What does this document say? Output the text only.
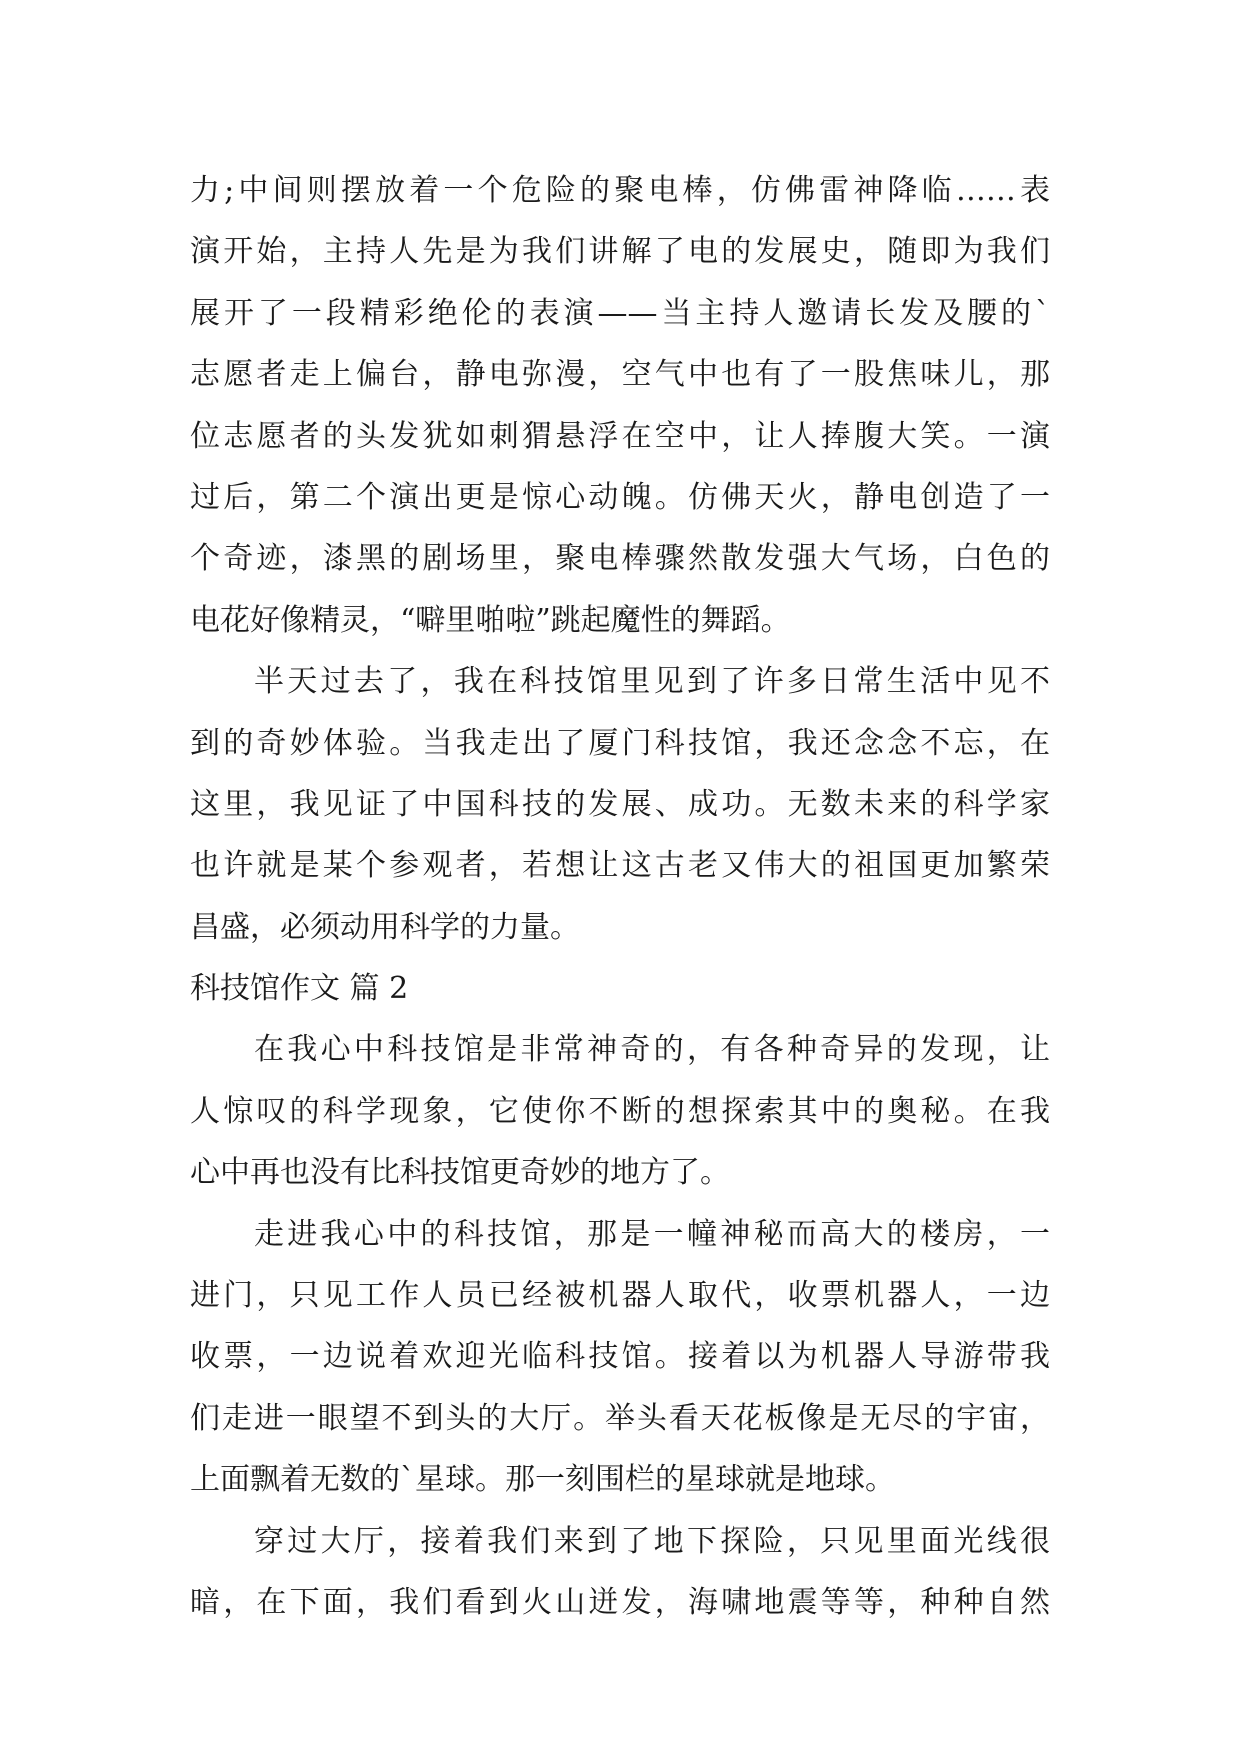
力;中间则摆放着一个危险的聚电棒，仿佛雷神降临……表
演开始，主持人先是为我们讲解了电的发展史，随即为我们
展开了一段精彩绝伦的表演——当主持人邀请长发及腰的`
志愿者走上偏台，静电弥漫，空气中也有了一股焦味儿，那
位志愿者的头发犹如刺猬悬浮在空中，让人捧腹大笑。一演
过后，第二个演出更是惊心动魄。仿佛天火，静电创造了一
个奇迹，漆黑的剧场里，聚电棒骤然散发强大气场，白色的
电花好像精灵，“噼里啪啦”跳起魔性的舞蹈。
半天过去了，我在科技馆里见到了许多日常生活中见不
到的奇妙体验。当我走出了厦门科技馆，我还念念不忘，在
这里，我见证了中国科技的发展、成功。无数未来的科学家
也许就是某个参观者，若想让这古老又伟大的祖国更加繁荣
昌盛，必须动用科学的力量。
科技馆作文 篇 2
在我心中科技馆是非常神奇的，有各种奇异的发现，让
人惊叹的科学现象，它使你不断的想探索其中的奥秘。在我
心中再也没有比科技馆更奇妙的地方了。
走进我心中的科技馆，那是一幢神秘而高大的楼房，一
进门，只见工作人员已经被机器人取代，收票机器人，一边
收票，一边说着欢迎光临科技馆。接着以为机器人导游带我
们走进一眼望不到头的大厅。举头看天花板像是无尽的宇宙，
上面飘着无数的`星球。那一刻围栏的星球就是地球。
穿过大厅，接着我们来到了地下探险，只见里面光线很
暗，在下面，我们看到火山迸发，海啸地震等等，种种自然
